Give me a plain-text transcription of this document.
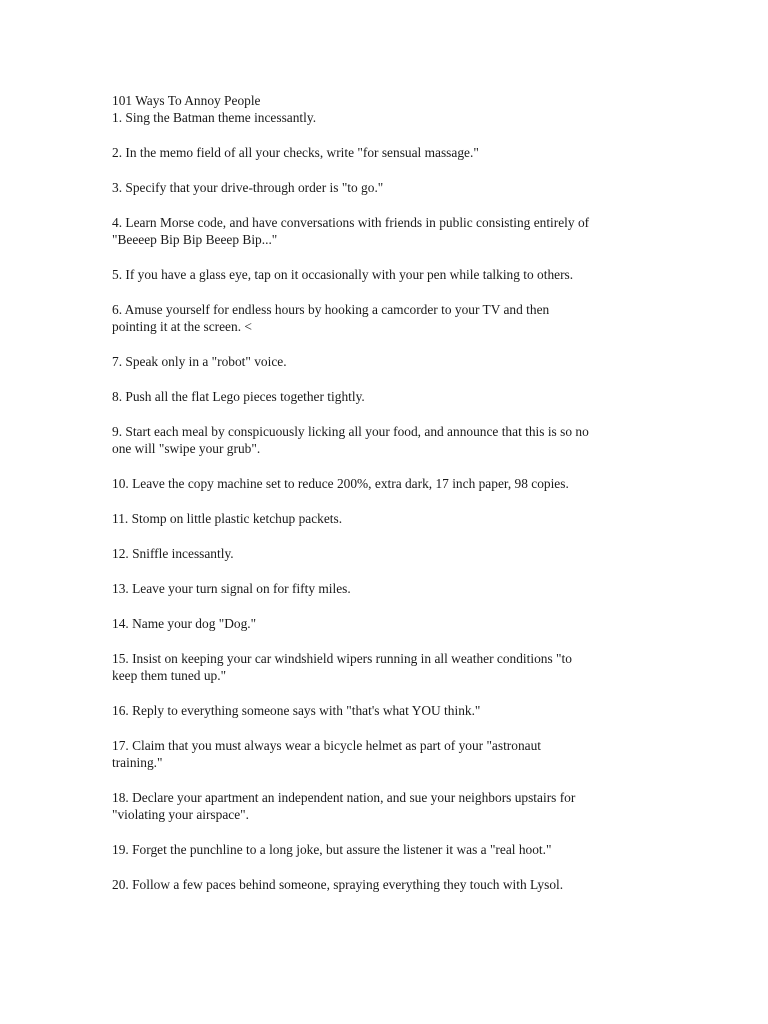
101 Ways To Annoy People
1. Sing the Batman theme incessantly.
2. In the memo field of all your checks, write "for sensual massage."
3. Specify that your drive-through order is "to go."
4. Learn Morse code, and have conversations with friends in public consisting entirely of
"Beeeep Bip Bip Beeep Bip..."
5. If you have a glass eye, tap on it occasionally with your pen while talking to others.
6. Amuse yourself for endless hours by hooking a camcorder to your TV and then
pointing it at the screen. <
7. Speak only in a "robot" voice.
8. Push all the flat Lego pieces together tightly.
9. Start each meal by conspicuously licking all your food, and announce that this is so no
one will "swipe your grub".
10. Leave the copy machine set to reduce 200%, extra dark, 17 inch paper, 98 copies.
11. Stomp on little plastic ketchup packets.
12. Sniffle incessantly.
13. Leave your turn signal on for fifty miles.
14. Name your dog "Dog."
15. Insist on keeping your car windshield wipers running in all weather conditions "to
keep them tuned up."
16. Reply to everything someone says with "that's what YOU think."
17. Claim that you must always wear a bicycle helmet as part of your "astronaut
training."
18. Declare your apartment an independent nation, and sue your neighbors upstairs for
"violating your airspace".
19. Forget the punchline to a long joke, but assure the listener it was a "real hoot."
20. Follow a few paces behind someone, spraying everything they touch with Lysol.
